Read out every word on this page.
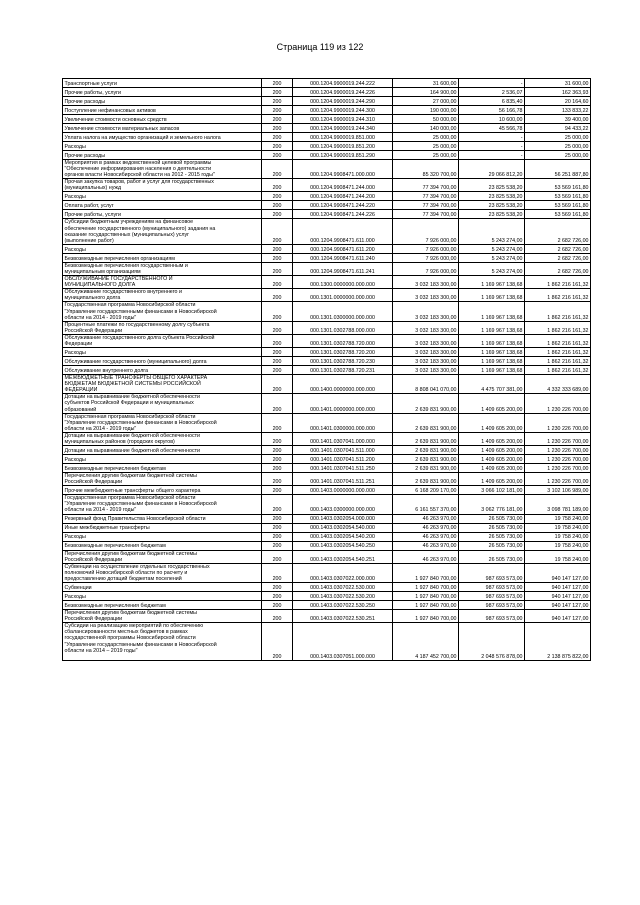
Страница 119 из 122
Транспортные услуги	200	000.1204.9900019.244.222	31 600,00	-	31 600,00
Прочие работы, услуги	200	000.1204.9900019.244.226	164 900,00	2 536,07	162 363,93
Прочие расходы	200	000.1204.9900019.244.290	27 000,00	6 835,40	20 164,60
Поступление нефинансовых активов	200	000.1204.9900019.244.300	190 000,00	56 166,78	133 833,22
Увеличение стоимости основных средств	200	000.1204.9900019.244.310	50 000,00	10 600,00	39 400,00
Увеличение стоимости материальных запасов	200	000.1204.9900019.244.340	140 000,00	45 566,78	94 433,22
Уплата налога на имущество организаций и земельного налога	200	000.1204.9900019.851.000	25 000,00	-	25 000,00
Расходы	200	000.1204.9900019.851.200	25 000,00	-	25 000,00
Прочие расходы	200	000.1204.9900019.851.290	25 000,00	-	25 000,00
Мероприятия в рамках ведомственной целевой программы
"Обеспечение информирования населения о деятельности
органов власти Новосибирской области на 2012 - 2015 годы"	200	000.1204.9908471.000.000	85 320 700,00	29 066 812,20	56 251 887,80
Прочая закупка товаров, работ и услуг для государственных
(муниципальных) нужд	200	000.1204.9908471.244.000	77 394 700,00	23 825 538,20	53 569 161,80
Расходы	200	000.1204.9908471.244.200	77 394 700,00	23 825 538,20	53 569 161,80
Оплата работ, услуг	200	000.1204.9908471.244.220	77 394 700,00	23 825 538,20	53 569 161,80
Прочие работы, услуги	200	000.1204.9908471.244.226	77 394 700,00	23 825 538,20	53 569 161,80
Субсидии бюджетным учреждениям на финансовое
обеспечение государственного (муниципального) задания на
оказание государственных (муниципальных) услуг
(выполнение работ)	200	000.1204.9908471.611.000	7 926 000,00	5 243 274,00	2 682 726,00
Расходы	200	000.1204.9908471.611.200	7 926 000,00	5 243 274,00	2 682 726,00
Безвозмездные перечисления организациям	200	000.1204.9908471.611.240	7 926 000,00	5 243 274,00	2 682 726,00
Безвозмездные перечисления государственным и
муниципальным организациям	200	000.1204.9908471.611.241	7 926 000,00	5 243 274,00	2 682 726,00
ОБСЛУЖИВАНИЕ ГОСУДАРСТВЕННОГО И
МУНИЦИПАЛЬНОГО ДОЛГА	200	000.1300.0000000.000.000	3 032 183 300,00	1 169 967 138,68	1 862 216 161,32
Обслуживание государственного внутреннего и
муниципального долга	200	000.1301.0000000.000.000	3 032 183 300,00	1 169 967 138,68	1 862 216 161,32
Государственная программа Новосибирской области
"Управление государственными финансами в Новосибирской
области на 2014 - 2019 годы"	200	000.1301.0300000.000.000	3 032 183 300,00	1 169 967 138,68	1 862 216 161,32
Процентные платежи по государственному долгу субъекта
Российской Федерации	200	000.1301.0302788.000.000	3 032 183 300,00	1 169 967 138,68	1 862 216 161,32
Обслуживание государственного долга субъекта Российской
Федерации	200	000.1301.0302788.720.000	3 032 183 300,00	1 169 967 138,68	1 862 216 161,32
Расходы	200	000.1301.0302788.720.200	3 032 183 300,00	1 169 967 138,68	1 862 216 161,32
Обслуживание государственного (муниципального) долга	200	000.1301.0302788.720.230	3 032 183 300,00	1 169 967 138,68	1 862 216 161,32
Обслуживание внутреннего долга	200	000.1301.0302788.720.231	3 032 183 300,00	1 169 967 138,68	1 862 216 161,32
МЕЖБЮДЖЕТНЫЕ ТРАНСФЕРТЫ ОБЩЕГО ХАРАКТЕРА
БЮДЖЕТАМ БЮДЖЕТНОЙ СИСТЕМЫ РОССИЙСКОЙ
ФЕДЕРАЦИИ	200	000.1400.0000000.000.000	8 808 041 070,00	4 475 707 381,00	4 332 333 689,00
Дотации на выравнивание бюджетной обеспеченности
субъектов Российской Федерации и муниципальных
образований	200	000.1401.0000000.000.000	2 639 831 900,00	1 409 605 200,00	1 230 226 700,00
Государственная программа Новосибирской области
"Управление государственными финансами в Новосибирской
области на 2014 - 2019 годы"	200	000.1401.0300000.000.000	2 639 831 900,00	1 409 605 200,00	1 230 226 700,00
Дотации на выравнивание бюджетной обеспеченности
муниципальных районов (городских округов)	200	000.1401.0307041.000.000	2 639 831 900,00	1 409 605 200,00	1 230 226 700,00
Дотации на выравнивание бюджетной обеспеченности	200	000.1401.0307041.511.000	2 639 831 900,00	1 409 605 200,00	1 230 226 700,00
Расходы	200	000.1401.0307041.511.200	2 639 831 900,00	1 409 605 200,00	1 230 226 700,00
Безвозмездные перечисления бюджетам	200	000.1401.0307041.511.250	2 639 831 900,00	1 409 605 200,00	1 230 226 700,00
Перечисления другим бюджетам бюджетной системы
Российской Федерации	200	000.1401.0307041.511.251	2 639 831 900,00	1 409 605 200,00	1 230 226 700,00
Прочие межбюджетные трансферты общего характера	200	000.1403.0000000.000.000	6 168 209 170,00	3 066 102 181,00	3 102 106 989,00
Государственная программа Новосибирской области
"Управление государственными финансами в Новосибирской
области на 2014 - 2019 годы"	200	000.1403.0300000.000.000	6 161 557 370,00	3 062 776 181,00	3 098 781 189,00
Резервный фонд Правительства Новосибирской области	200	000.1403.0302054.000.000	46 263 970,00	26 505 730,00	19 758 240,00
Иные межбюджетные трансферты	200	000.1403.0302054.540.000	46 263 970,00	26 505 730,00	19 758 240,00
Расходы	200	000.1403.0302054.540.200	46 263 970,00	26 505 730,00	19 758 240,00
Безвозмездные перечисления бюджетам	200	000.1403.0302054.540.250	46 263 970,00	26 505 730,00	19 758 240,00
Перечисления другим бюджетам бюджетной системы
Российской Федерации	200	000.1403.0302054.540.251	46 263 970,00	26 505 730,00	19 758 240,00
Субвенции на осуществление отдельных государственных
полномочий Новосибирской области по расчету и
предоставлению дотаций бюджетам поселений	200	000.1403.0307022.000.000	1 927 840 700,00	987 693 573,00	940 147 127,00
Субвенции	200	000.1403.0307022.530.000	1 927 840 700,00	987 693 573,00	940 147 127,00
Расходы	200	000.1403.0307022.530.200	1 927 840 700,00	987 693 573,00	940 147 127,00
Безвозмездные перечисления бюджетам	200	000.1403.0307022.530.250	1 927 840 700,00	987 693 573,00	940 147 127,00
Перечисления другим бюджетам бюджетной системы
Российской Федерации	200	000.1403.0307022.530.251	1 927 840 700,00	987 693 573,00	940 147 127,00
Субсидии на реализацию мероприятий по обеспечению
сбалансированности местных бюджетов в рамках
государственной программы Новосибирской области
"Управление государственными финансами в Новосибирской
области на 2014 – 2019 годы"	200	000.1403.0307051.000.000	4 187 452 700,00	2 048 576 878,00	2 138 875 822,00
